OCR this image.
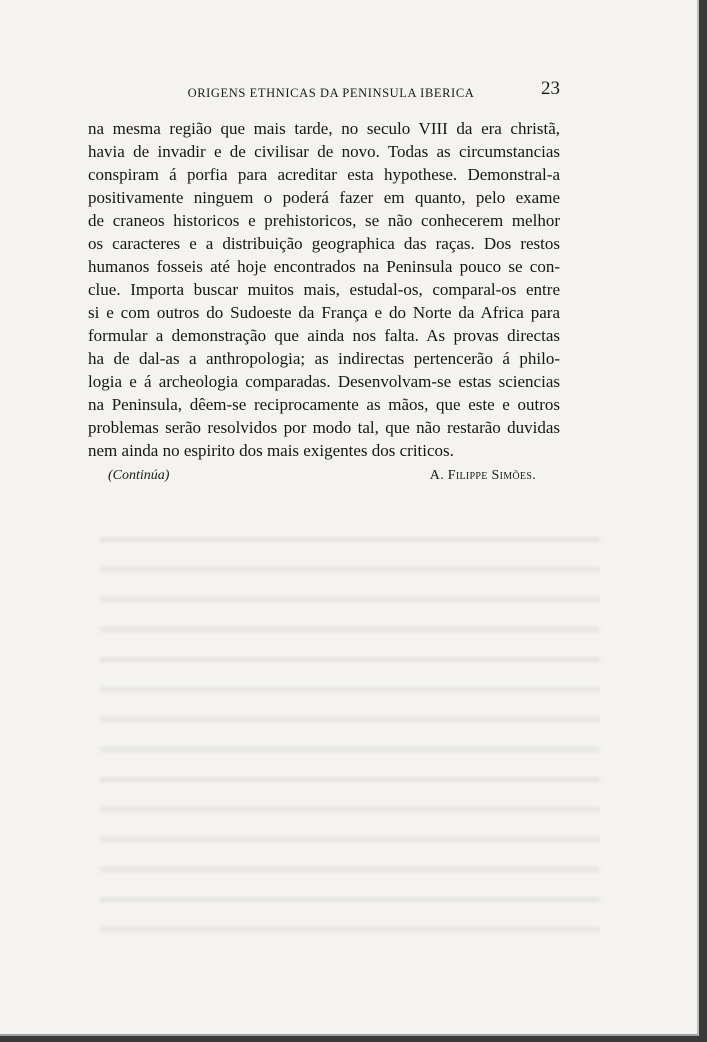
ORIGENS ETHNICAS DA PENINSULA IBERICA	23

na mesma região que mais tarde, no seculo VIII da era christã,
havia de invadir e de civilisar de novo. Todas as circumstancias
conspiram á porfia para acreditar esta hypothese. Demonstral-a
positivamente ninguem o poderá fazer em quanto, pelo exame
de craneos historicos e prehistoricos, se não conhecerem melhor
os caracteres e a distribuição geographica das raças. Dos restos
humanos fosseis até hoje encontrados na Peninsula pouco se con-
clue. Importa buscar muitos mais, estudal-os, comparal-os entre
si e com outros do Sudoeste da França e do Norte da Africa para
formular a demonstração que ainda nos falta. As provas directas
ha de dal-as a anthropologia; as indirectas pertencerão á philo-
logia e á archeologia comparadas. Desenvolvam-se estas sciencias
na Peninsula, dêem-se reciprocamente as mãos, que este e outros
problemas serão resolvidos por modo tal, que não restarão duvidas
nem ainda no espirito dos mais exigentes dos criticos.

(Continúa)	A. Filippe Simões.
